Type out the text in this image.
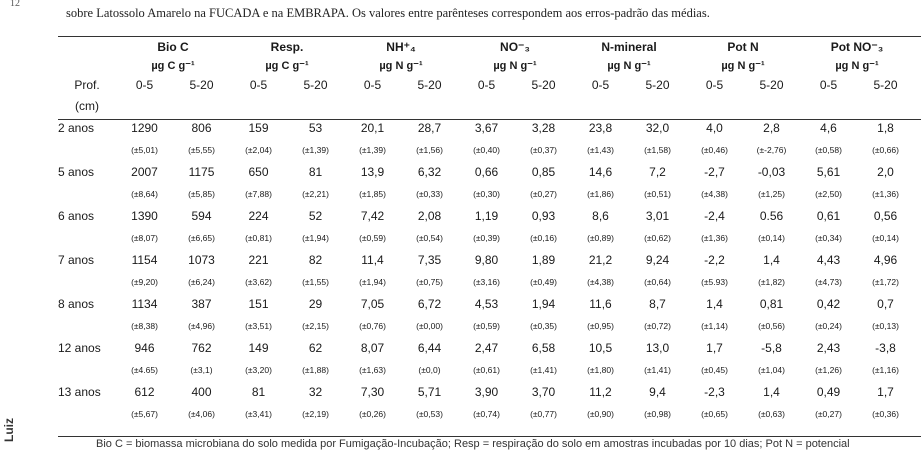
12
sobre Latossolo Amarelo na FUCADA e na EMBRAPA. Os valores entre parênteses correspondem aos erros-padrão das médias.
Luiz
	Bio C		Resp.		NH⁺₄		NO⁻₃		N-mineral		Pot N		Pot NO⁻₃	
	µg C g⁻¹		µg C g⁻¹		µg N g⁻¹		µg N g⁻¹		µg N g⁻¹		µg N g⁻¹		µg N g⁻¹	
Prof.	0-5	5-20	0-5	5-20	0-5	5-20	0-5	5-20	0-5	5-20	0-5	5-20	0-5	5-20
(cm)														
2 anos	1290	806	159	53	20,1	28,7	3,67	3,28	23,8	32,0	4,0	2,8	4,6	1,8
	(±5,01)	(±5,55)	(±2,04)	(±1,39)	(±1,39)	(±1,56)	(±0,40)	(±0,37)	(±1,43)	(±1,58)	(±0,46)	(±-2,76)	(±0,58)	(±0,66)
5 anos	2007	1175	650	81	13,9	6,32	0,66	0,85	14,6	7,2	-2,7	-0,03	5,61	2,0
	(±8,64)	(±5,85)	(±7,88)	(±2,21)	(±1,85)	(±0,33)	(±0,30)	(±0,27)	(±1,86)	(±0,51)	(±4,38)	(±1,25)	(±2,50)	(±1,36)
6 anos	1390	594	224	52	7,42	2,08	1,19	0,93	8,6	3,01	-2,4	0.56	0,61	0,56
	(±8,07)	(±6,65)	(±0,81)	(±1,94)	(±0,59)	(±0,54)	(±0,39)	(±0,16)	(±0,89)	(±0,62)	(±1,36)	(±0,14)	(±0,34)	(±0,14)
7 anos	1154	1073	221	82	11,4	7,35	9,80	1,89	21,2	9,24	-2,2	1,4	4,43	4,96
	(±9,20)	(±6,24)	(±3,62)	(±1,55)	(±1,94)	(±0,75)	(±3,16)	(±0,49)	(±4,38)	(±0,64)	(±5.93)	(±1,82)	(±4,73)	(±1,72)
8 anos	1134	387	151	29	7,05	6,72	4,53	1,94	11,6	8,7	1,4	0,81	0,42	0,7
	(±8,38)	(±4,96)	(±3,51)	(±2,15)	(±0,76)	(±0,00)	(±0,59)	(±0,35)	(±0,95)	(±0,72)	(±1,14)	(±0,56)	(±0,24)	(±0,13)
12 anos	946	762	149	62	8,07	6,44	2,47	6,58	10,5	13,0	1,7	-5,8	2,43	-3,8
	(±4.65)	(±3,1)	(±3,20)	(±1,88)	(±1,63)	(±0,0)	(±0,61)	(±1,41)	(±1,80)	(±1,41)	(±0,45)	(±1,04)	(±1,26)	(±1,16)
13 anos	612	400	81	32	7,30	5,71	3,90	3,70	11,2	9,4	-2,3	1,4	0,49	1,7
	(±5,67)	(±4,06)	(±3,41)	(±2,19)	(±0,26)	(±0,53)	(±0,74)	(±0,77)	(±0,90)	(±0,98)	(±0,65)	(±0,63)	(±0,27)	(±0,36)
Bio C = biomassa microbiana do solo medida por Fumigação-Incubação; Resp = respiração do solo em amostras incubadas por 10 dias; Pot N = potencial
